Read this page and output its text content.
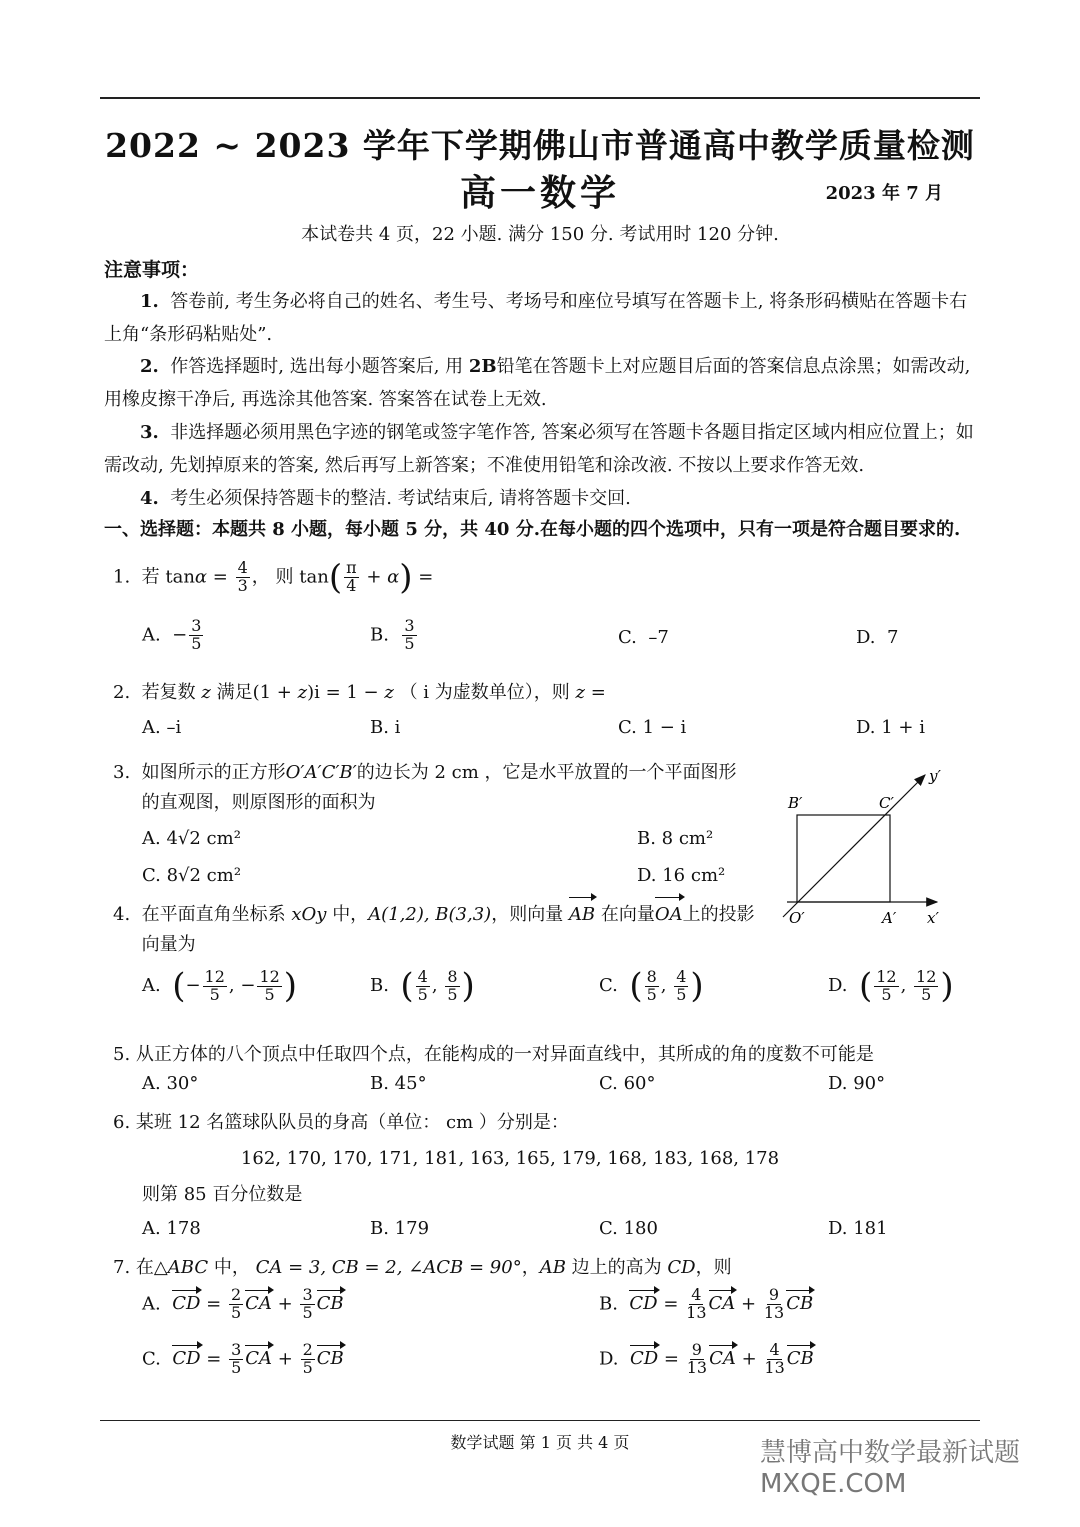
2022 ~ 2023 学年下学期佛山市普通高中教学质量检测
高一数学	2023 年 7 月
本试卷共 4 页，22 小题. 满分 150 分. 考试用时 120 分钟.
注意事项：
1. 答卷前, 考生务必将自己的姓名、考生号、考场号和座位号填写在答题卡上, 将条形码横贴在答题卡右上角“条形码粘贴处”.
2. 作答选择题时, 选出每小题答案后, 用 2B铅笔在答题卡上对应题目后面的答案信息点涂黑；如需改动, 用橡皮擦干净后, 再选涂其他答案. 答案答在试卷上无效.
3. 非选择题必须用黑色字迹的钢笔或签字笔作答, 答案必须写在答题卡各题目指定区域内相应位置上；如需改动, 先划掉原来的答案, 然后再写上新答案；不准使用铅笔和涂改液. 不按以上要求作答无效.
4. 考生必须保持答题卡的整洁. 考试结束后, 请将答题卡交回.
一、选择题：本题共 8 小题，每小题 5 分，共 40 分.在每小题的四个选项中，只有一项是符合题目要求的.
1. 若 $\tan\alpha = \frac{4}{3}$ ， 则 $\tan( \frac{\pi}{4} + \alpha)$ =
A.  − $\frac{3}{5}$	B. $\frac{3}{5}$	C. –7	D. 7
2. 若复数 z 满足(1 + z)i = 1 − z （ i 为虚数单位），则 z =
A. –i	B. i	C. 1 − i	D. 1 + i
3. 如图所示的正方形O′A′C′B′的边长为 2 cm ，它是水平放置的一个平面图形
的直观图，则原图形的面积为
A. 4√2 cm²	B. 8 cm²
C. 8√2 cm²	D. 16 cm²
B′	C′
O′	A′ x′
y′
4. 在平面直角坐标系 xOy 中，A(1,2), B(3,3)，则向量 AB 在向量OA上的投影
向量为
A. (− $\frac{12}{5}$ , − $\frac{12}{5}$ )	B. ( $\frac{4}{5}$ , $\frac{8}{5}$ )	C. ( $\frac{8}{5}$ , $\frac{4}{5}$ )	D. ( $\frac{12}{5}$ , $\frac{12}{5}$ )
5. 从正方体的八个顶点中任取四个点，在能构成的一对异面直线中，其所成的角的度数不可能是
A. 30°	B. 45°	C. 60°	D. 90°
6. 某班 12 名篮球队队员的身高（单位： cm ）分别是：
162, 170, 170, 171, 181, 163, 165, 179, 168, 183, 168, 178
则第 85 百分位数是
A. 178	B. 179	C. 180	D. 181
7. 在△ABC 中， CA = 3, CB = 2, ∠ACB = 90°，AB 边上的高为 CD，则
A. CD = $\frac{2}{5}$ CA + $\frac{3}{5}$ CB	B. CD = $\frac{4}{13}$ CA + $\frac{9}{13}$ CB
C. CD = $\frac{3}{5}$ CA + $\frac{2}{5}$ CB	D. CD = $\frac{9}{13}$ CA + $\frac{4}{13}$ CB
数学试题 第 1 页 共 4 页	慧博高中数学最新试题 MXQE.COM
